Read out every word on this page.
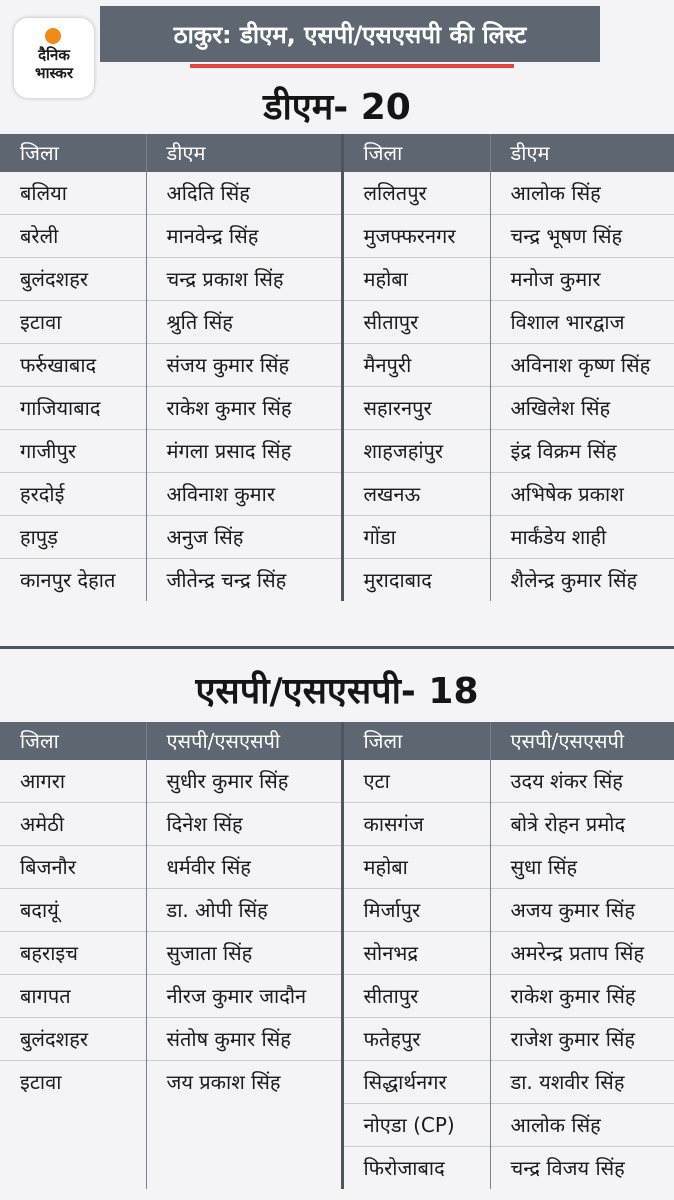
दैनिक
भास्कर
ठाकुर: डीएम, एसपी/एसएसपी की लिस्ट
डीएम- 20
जिला	डीएम	जिला	डीएम
बलिया	अदिति सिंह	ललितपुर	आलोक सिंह
बरेली	मानवेन्द्र सिंह	मुजफ्फरनगर	चन्द्र भूषण सिंह
बुलंदशहर	चन्द्र प्रकाश सिंह	महोबा	मनोज कुमार
इटावा	श्रुति सिंह	सीतापुर	विशाल भारद्वाज
फर्रुखाबाद	संजय कुमार सिंह	मैनपुरी	अविनाश कृष्ण सिंह
गाजियाबाद	राकेश कुमार सिंह	सहारनपुर	अखिलेश सिंह
गाजीपुर	मंगला प्रसाद सिंह	शाहजहांपुर	इंद्र विक्रम सिंह
हरदोई	अविनाश कुमार	लखनऊ	अभिषेक प्रकाश
हापुड़	अनुज सिंह	गोंडा	मार्कंडेय शाही
कानपुर देहात	जीतेन्द्र चन्द्र सिंह	मुरादाबाद	शैलेन्द्र कुमार सिंह
एसपी/एसएसपी- 18
जिला	एसपी/एसएसपी	जिला	एसपी/एसएसपी
आगरा	सुधीर कुमार सिंह	एटा	उदय शंकर सिंह
अमेठी	दिनेश सिंह	कासगंज	बोत्रे रोहन प्रमोद
बिजनौर	धर्मवीर सिंह	महोबा	सुधा सिंह
बदायूं	डा. ओपी सिंह	मिर्जापुर	अजय कुमार सिंह
बहराइच	सुजाता सिंह	सोनभद्र	अमरेन्द्र प्रताप सिंह
बागपत	नीरज कुमार जादौन	सीतापुर	राकेश कुमार सिंह
बुलंदशहर	संतोष कुमार सिंह	फतेहपुर	राजेश कुमार सिंह
इटावा	जय प्रकाश सिंह	सिद्धार्थनगर	डा. यशवीर सिंह
		नोएडा (CP)	आलोक सिंह
		फिरोजाबाद	चन्द्र विजय सिंह
